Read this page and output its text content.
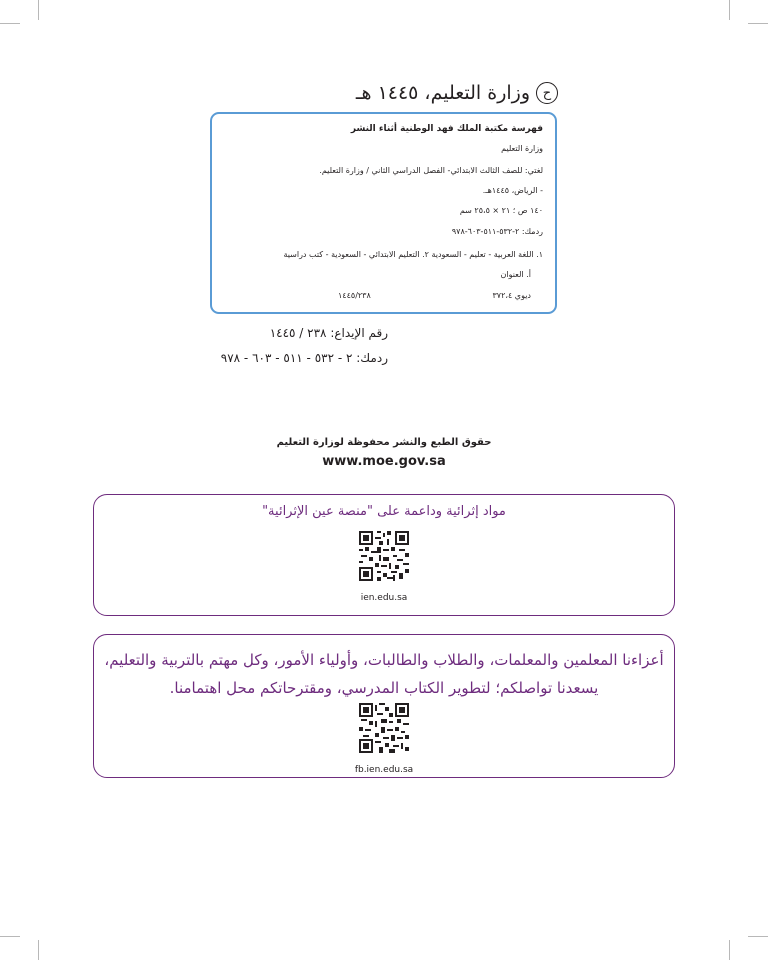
ح
وزارة التعليم، ١٤٤٥ هـ
فهرسة مكتبة الملك فهد الوطنية أثناء النشر
وزارة التعليم
لغتي: للصف الثالث الابتدائي- الفصل الدراسي الثاني / وزارة التعليم.
- الرياض، ١٤٤٥هـ.
١٤٠ ص ؛ ٢١ × ٢٥،٥ سم
ردمك: ٢-٥٣٢-٥١١-٦٠٣-٩٧٨
١. اللغة العربية - تعليم - السعودية ٢. التعليم الابتدائي - السعودية - كتب دراسية
أ. العنوان
ديوي ٣٧٢،٤
١٤٤٥/٢٣٨
رقم الإيداع: ٢٣٨ / ١٤٤٥
ردمك: ٢ - ٥٣٢ - ٥١١ - ٦٠٣ - ٩٧٨
حقوق الطبع والنشر محفوظة لوزارة التعليم
www.moe.gov.sa
مواد إثرائية وداعمة على "منصة عين الإثرائية"
ien.edu.sa
أعزاءنا المعلمين والمعلمات، والطلاب والطالبات، وأولياء الأمور، وكل مهتم بالتربية والتعليم،
يسعدنا تواصلكم؛ لتطوير الكتاب المدرسي، ومقترحاتكم محل اهتمامنا.
fb.ien.edu.sa
